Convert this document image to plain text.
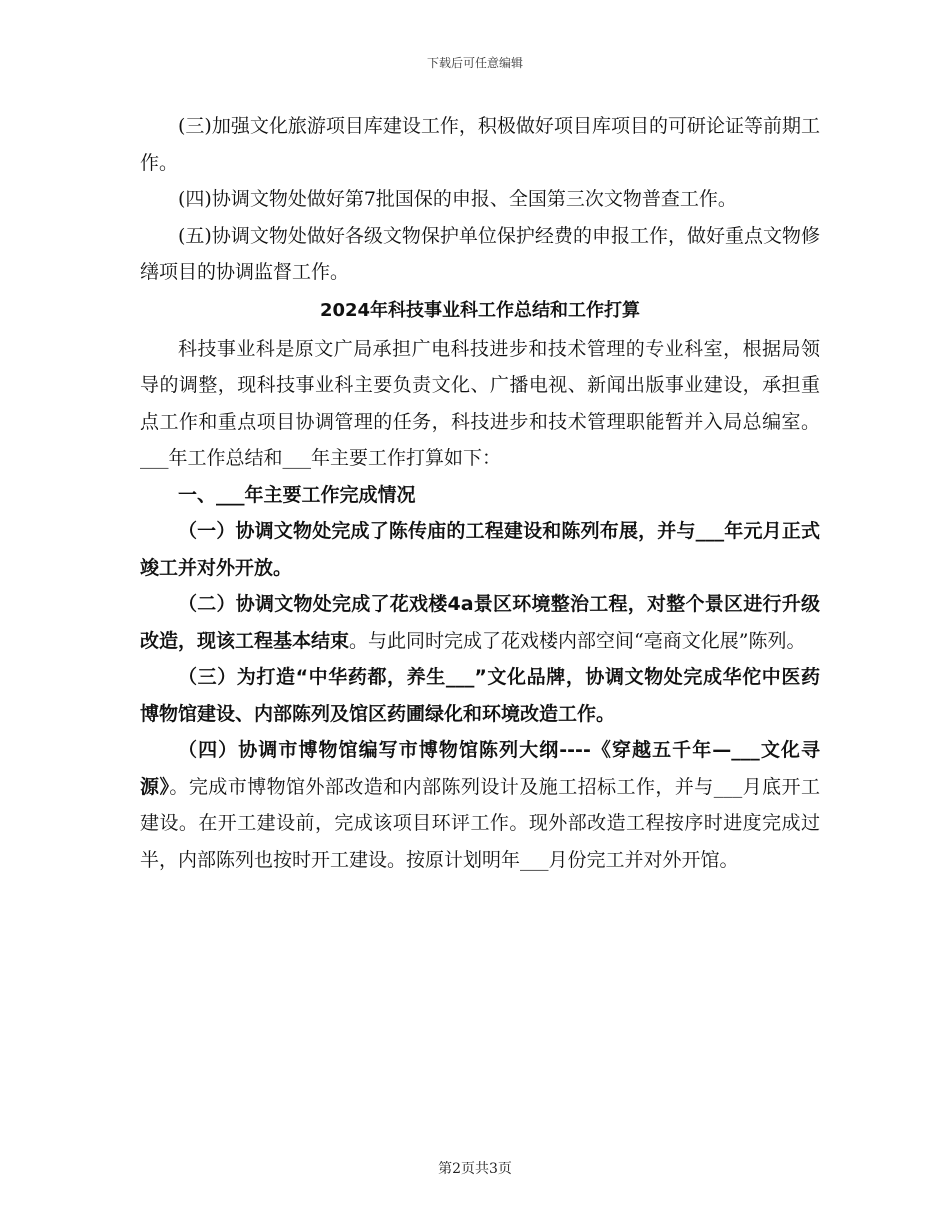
下载后可任意编辑

(三)加强文化旅游项目库建设工作，积极做好项目库项目的可研论证等前期工作。

(四)协调文物处做好第7批国保的申报、全国第三次文物普查工作。

(五)协调文物处做好各级文物保护单位保护经费的申报工作，做好重点文物修缮项目的协调监督工作。

2024年科技事业科工作总结和工作打算

科技事业科是原文广局承担广电科技进步和技术管理的专业科室，根据局领导的调整，现科技事业科主要负责文化、广播电视、新闻出版事业建设，承担重点工作和重点项目协调管理的任务，科技进步和技术管理职能暂并入局总编室。___年工作总结和___年主要工作打算如下：

一、___年主要工作完成情况

（一）协调文物处完成了陈传庙的工程建设和陈列布展，并与___年元月正式竣工并对外开放。

（二）协调文物处完成了花戏楼4a景区环境整治工程，对整个景区进行升级改造，现该工程基本结束。与此同时完成了花戏楼内部空间“亳商文化展”陈列。

（三）为打造“中华药都，养生___”文化品牌，协调文物处完成华佗中医药博物馆建设、内部陈列及馆区药圃绿化和环境改造工作。

（四）协调市博物馆编写市博物馆陈列大纲----《穿越五千年—___文化寻源》。完成市博物馆外部改造和内部陈列设计及施工招标工作，并与___月底开工建设。在开工建设前，完成该项目环评工作。现外部改造工程按序时进度完成过半，内部陈列也按时开工建设。按原计划明年___月份完工并对外开馆。

第2页共3页
